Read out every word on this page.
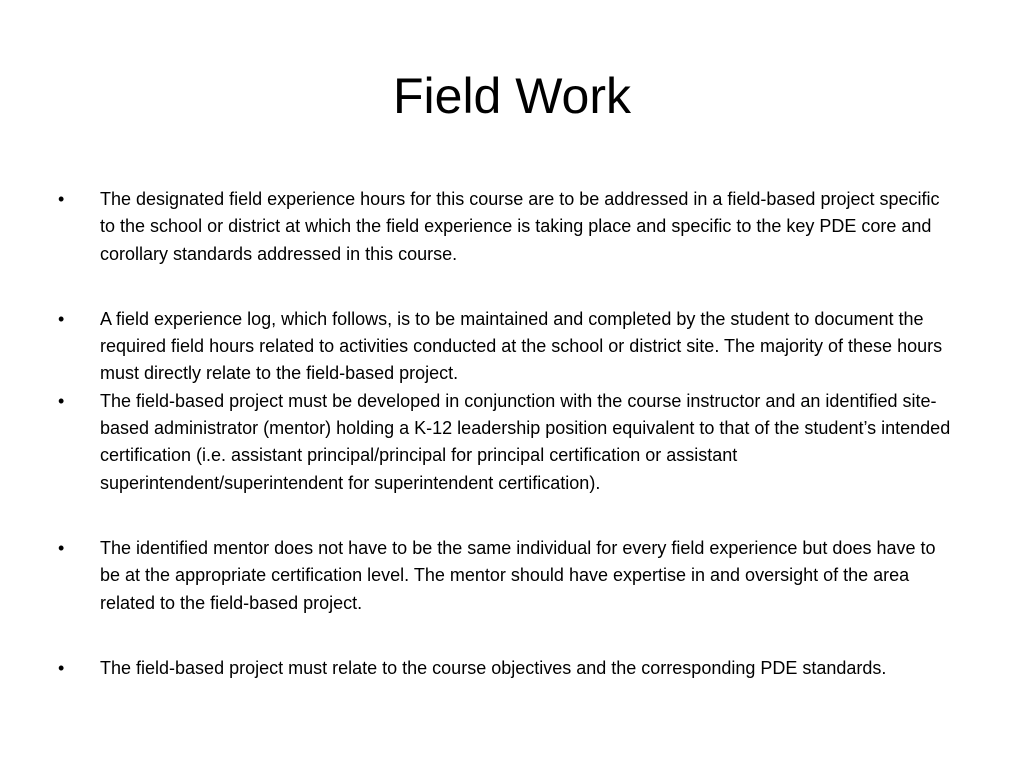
Field Work
•	The designated field experience hours for this course are to be addressed in a field-based project specific to the school or district at which the field experience is taking place and specific to the key PDE core and corollary standards addressed in this course.
•	A field experience log, which follows, is to be maintained and completed by the student to document the required field hours related to activities conducted at the school or district site. The majority of these hours must directly relate to the field-based project.
•	The field-based project must be developed in conjunction with the course instructor and an identified site-based administrator (mentor) holding a K-12 leadership position equivalent to that of the student’s intended certification (i.e. assistant principal/principal for principal certification or assistant superintendent/superintendent for superintendent certification).
•	The identified mentor does not have to be the same individual for every field experience but does have to be at the appropriate certification level. The mentor should have expertise in and oversight of the area related to the field-based project.
•	The field-based project must relate to the course objectives and the corresponding PDE standards.
